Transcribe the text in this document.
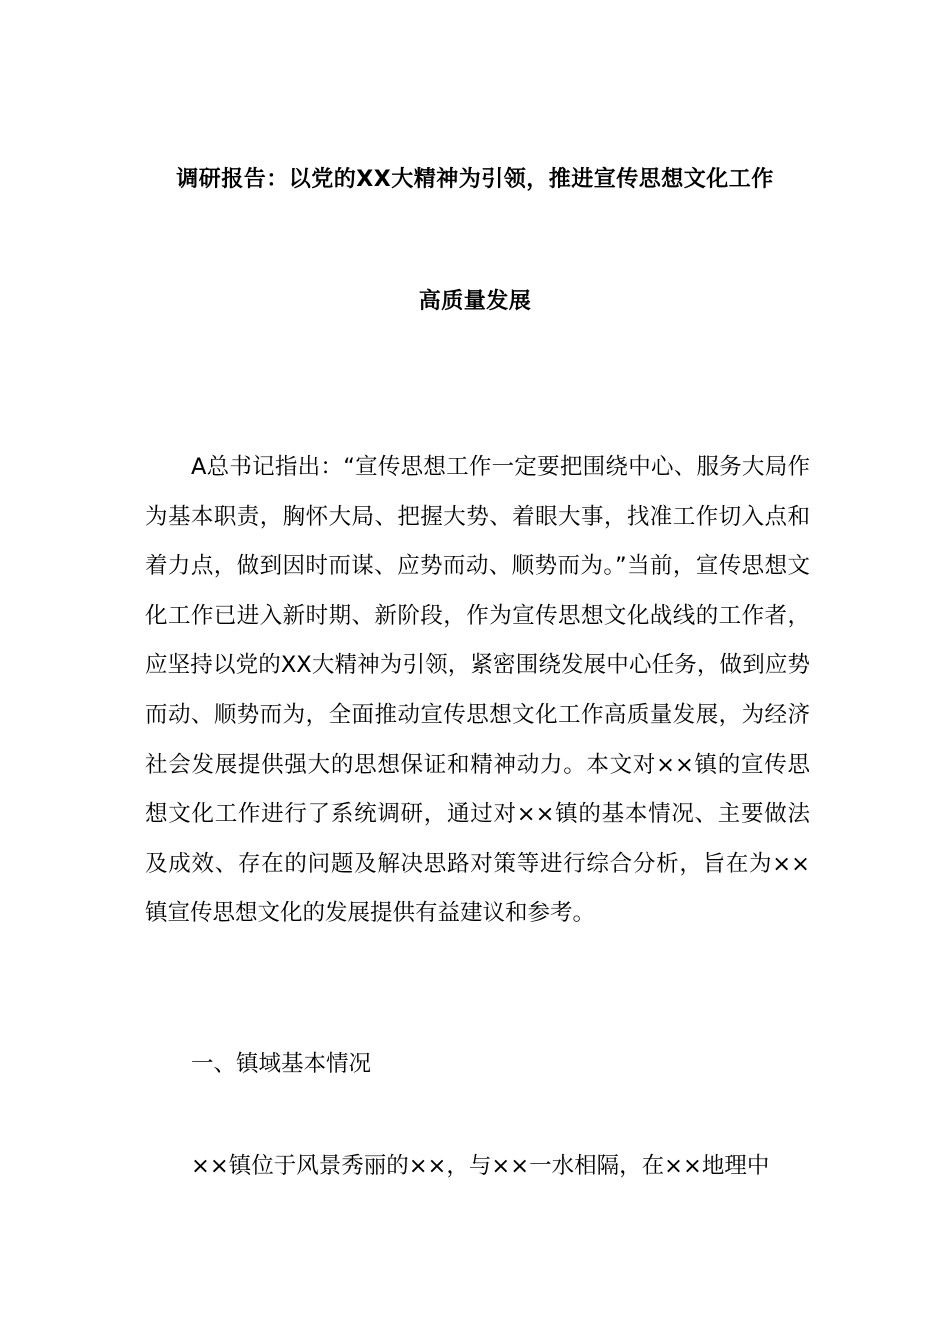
调研报告：以党的XX大精神为引领，推进宣传思想文化工作
高质量发展
A总书记指出：“宣传思想工作一定要把围绕中心、服务大局作为基本职责，胸怀大局、把握大势、着眼大事，找准工作切入点和着力点，做到因时而谋、应势而动、顺势而为。”当前，宣传思想文化工作已进入新时期、新阶段，作为宣传思想文化战线的工作者，应坚持以党的XX大精神为引领，紧密围绕发展中心任务，做到应势而动、顺势而为，全面推动宣传思想文化工作高质量发展，为经济社会发展提供强大的思想保证和精神动力。本文对××镇的宣传思想文化工作进行了系统调研，通过对××镇的基本情况、主要做法及成效、存在的问题及解决思路对策等进行综合分析，旨在为××镇宣传思想文化的发展提供有益建议和参考。
一、镇域基本情况
××镇位于风景秀丽的××，与××一水相隔，在××地理中
